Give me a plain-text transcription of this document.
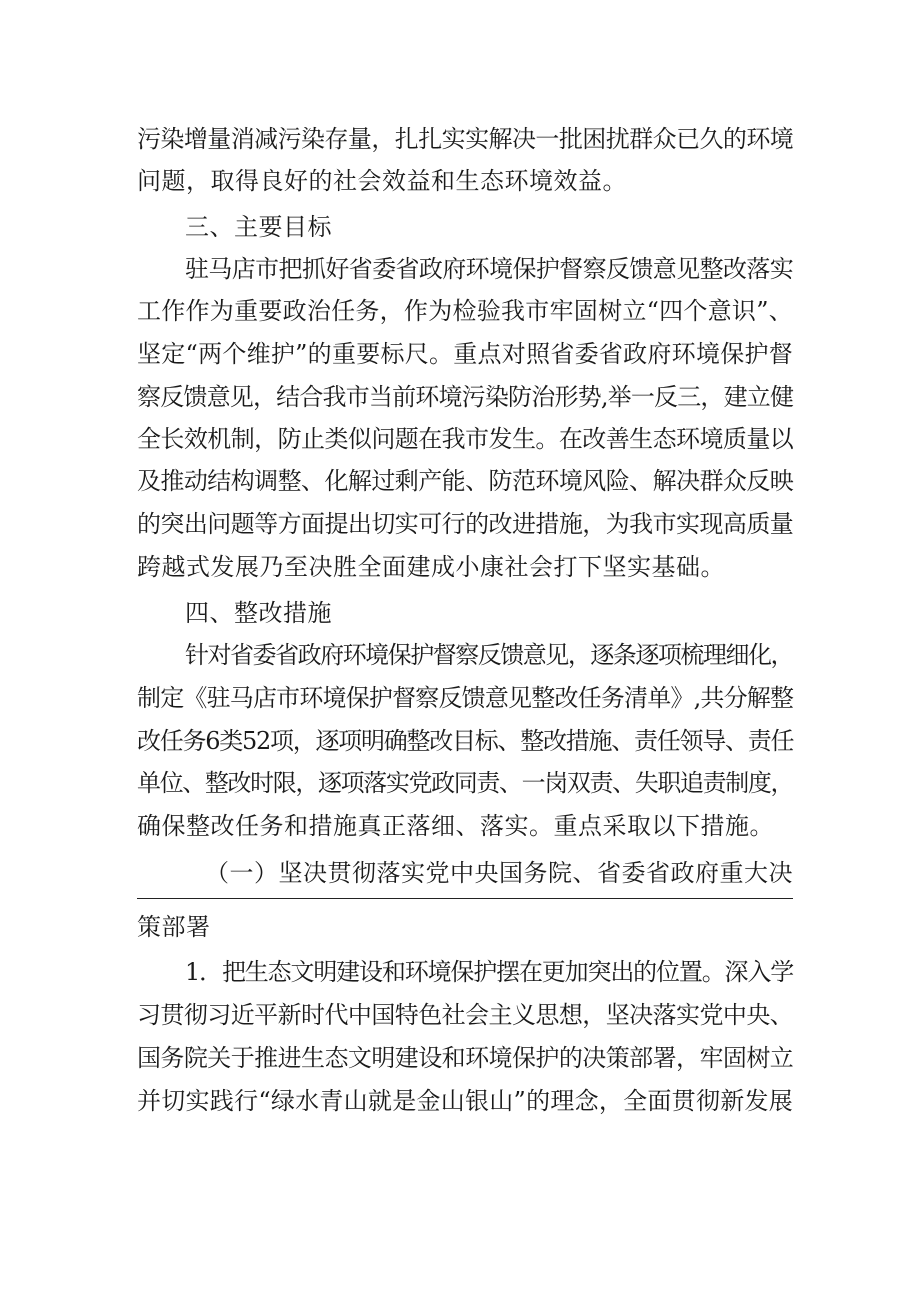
污染增量消减污染存量，扎扎实实解决一批困扰群众已久的环境
问题，取得良好的社会效益和生态环境效益。
三、主要目标
驻马店市把抓好省委省政府环境保护督察反馈意见整改落实
工作作为重要政治任务，作为检验我市牢固树立“四个意识”、
坚定“两个维护”的重要标尺。重点对照省委省政府环境保护督
察反馈意见，结合我市当前环境污染防治形势,举一反三，建立健
全长效机制，防止类似问题在我市发生。在改善生态环境质量以
及推动结构调整、化解过剩产能、防范环境风险、解决群众反映
的突出问题等方面提出切实可行的改进措施，为我市实现高质量
跨越式发展乃至决胜全面建成小康社会打下坚实基础。
四、整改措施
针对省委省政府环境保护督察反馈意见，逐条逐项梳理细化，
制定《驻马店市环境保护督察反馈意见整改任务清单》,共分解整
改任务6类52项，逐项明确整改目标、整改措施、责任领导、责任
单位、整改时限，逐项落实党政同责、一岗双责、失职追责制度，
确保整改任务和措施真正落细、落实。重点采取以下措施。
（一）坚决贯彻落实党中央国务院、省委省政府重大决
策部署
1．把生态文明建设和环境保护摆在更加突出的位置。深入学
习贯彻习近平新时代中国特色社会主义思想，坚决落实党中央、
国务院关于推进生态文明建设和环境保护的决策部署，牢固树立
并切实践行“绿水青山就是金山银山”的理念，全面贯彻新发展
